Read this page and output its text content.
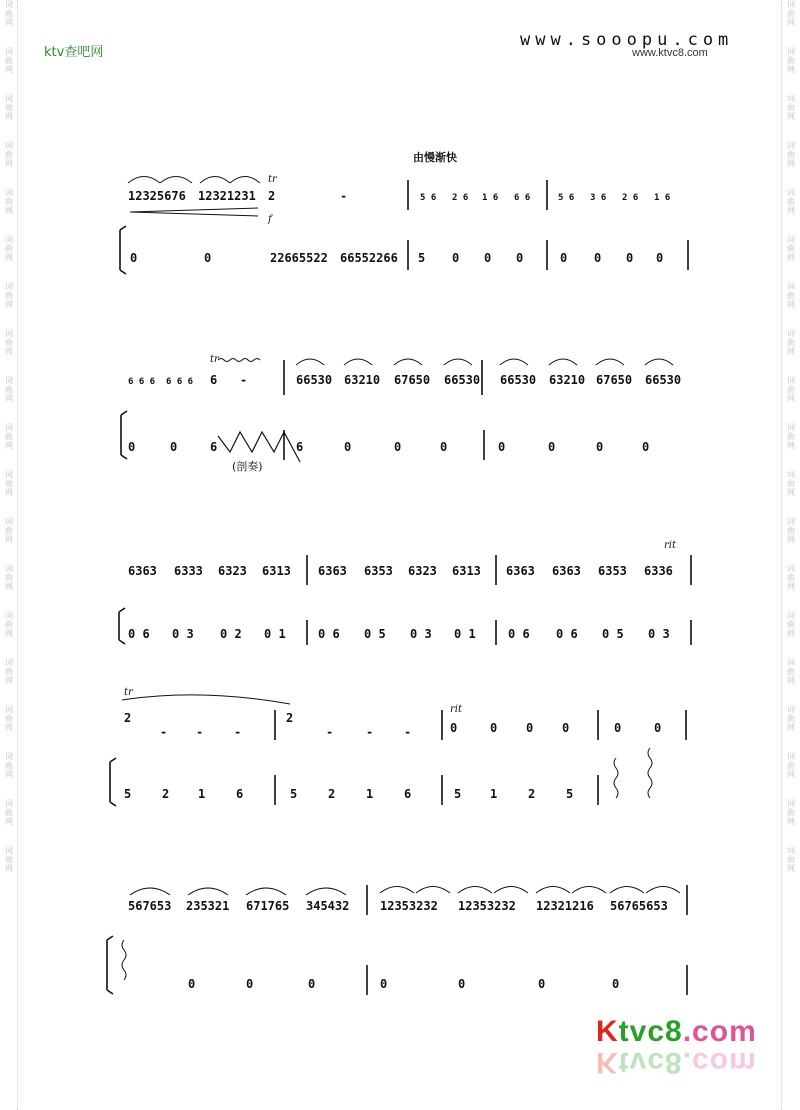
词
曲
网
词
曲
网
词
曲
网
词
曲
网
词
曲
网
词
曲
网
词
曲
网
词
曲
网
词
曲
网
词
曲
网
词
曲
网
词
曲
网
词
曲
网
词
曲
网
词
曲
网
词
曲
网
词
曲
网
词
曲
网
词
曲
网
词
曲
网
词
曲
网
词
曲
网
词
曲
网
词
曲
网
词
曲
网
词
曲
网
词
曲
网
词
曲
网
词
曲
网
词
曲
网
词
曲
网
词
曲
网
词
曲
网
词
曲
网
词
曲
网
词
曲
网
词
曲
网
词
曲
网
ktv查吧网
www.sooopu.com
www.ktvc8.com
由慢渐快
12325676 12321231 2	-	5 6 2 6 1 6 6 6	5 6 3 6 2 6 1 6
tr
f
0	0	22665522 66552266 5 0 0 0	0 0 0 0
6 6 6 6 6 6 6 -	66530 63210 67650 66530 66530 63210 67650 66530
tr
0	0	6	6	0	0	0	0	0	0	0
(剖奏)
6363 6333 6323 6313 6363 6353 6323 6313 6363 6363 6353 6336
rit
0 6 0 3 0 2 0 1	0 6 0 5 0 3 0 1	0 6 0 6 0 5 0 3
tr
2
- -	-
2
-	-	-
rit
0	0 0 0	0	0
5	2 1	6	5	2	1	6	5 1	2	5
567653 235321 671765 345432	12353232 12353232 12321216 56765653
0	0	0	0	0	0	0
Ktvc8.com
Ktvc8.com
